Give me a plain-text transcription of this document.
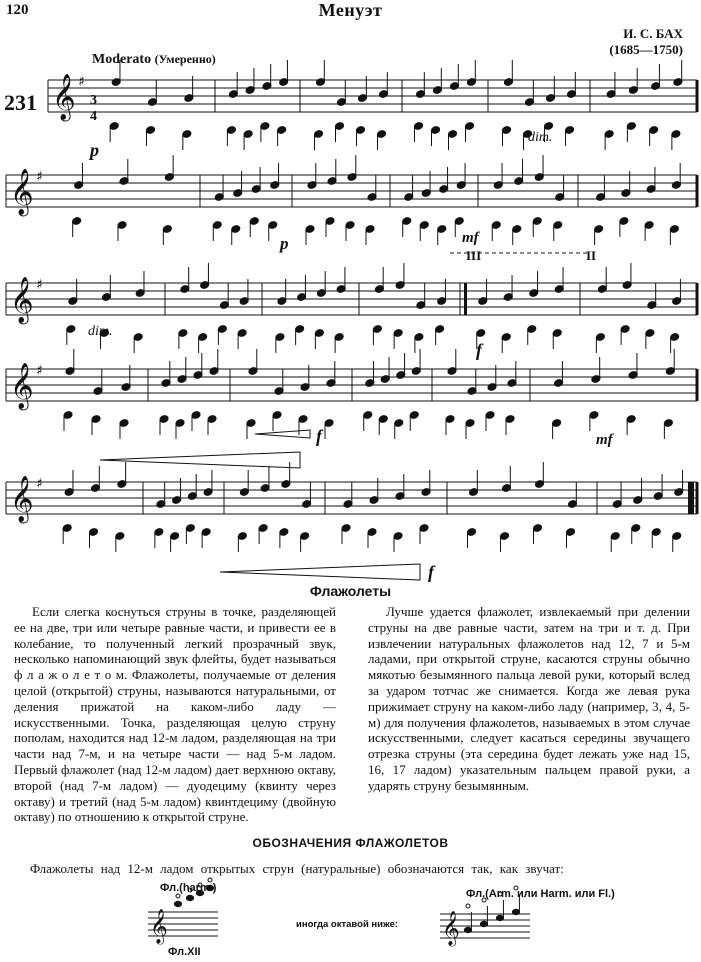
120	Менуэт
И. С. БАХ
(1685—1750)
Moderato (Умеренно)
231 𝄞 ♯
𝄞 ♯
𝄞 ♯
𝄞 ♯
𝄞 ♯
3
4
𝄞	𝄞
Флажолеты

Если слегка коснуться струны в точке, разделяющей ее на две, три или четыре равные части, и привести ее в колебание, то полученный легкий прозрачный звук, несколько напоминающий звук флейты, будет называться ф л а ж о л е т о м. Флажолеты, получаемые от деления целой (открытой) струны, называются натуральными, от деления прижатой на каком-либо ладу — искусственными. Точка, разделяющая целую струну пополам, находится над 12-м ладом, разделяющая на три части над 7-м, и на четыре части — над 5-м ладом. Первый флажолет (над 12-м ладом) дает верхнюю октаву, второй (над 7-м ладом) — дуодециму (квинту через октаву) и третий (над 5-м ладом) квинтдециму (двойную октаву) по отношению к открытой струне.

Лучше удается флажолет, извлекаемый при делении струны на две равные части, затем на три и т. д. При извлечении натуральных флажолетов над 12, 7 и 5-м ладами, при открытой струне, касаются струны обычно мякотью безымянного пальца левой руки, который вслед за ударом тотчас же снимается. Когда же левая рука прижимает струну на каком-либо ладу (например, 3, 4, 5-м) для получения флажолетов, называемых в этом случае искусственными, следует касаться середины звучащего отрезка струны (эта середина будет лежать уже над 15, 16, 17 ладом) указательным пальцем правой руки, а ударять струну безымянным.

ОБОЗНАЧЕНИЯ ФЛАЖОЛЕТОВ
Флажолеты над 12-м ладом открытых струн (натуральные) обозначаются так, как звучат:
Фл.(harm.)
Фл.XII
иногда октавой ниже:
Фл.(Arm. или Harm. или Fl.)
p
dim.
p	mf
dim.
f
f	mf
f
III	II
